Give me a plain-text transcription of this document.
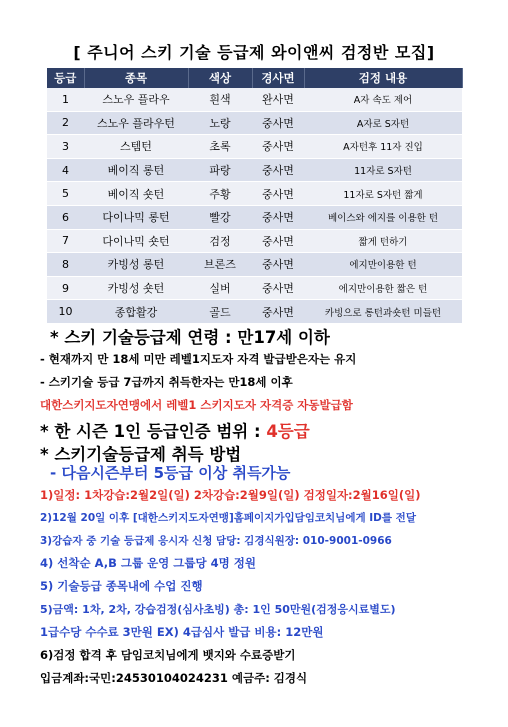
[ 주니어 스키 기술 등급제 와이앤씨 검정반 모집]
등급	종목	색상	경사면	검정 내용
1	스노우 플라우	흰색	완사면	A자 속도 제어
2	스노우 플라우턴	노랑	중사면	A자로 S자턴
3	스템턴	초록	중사면	A자턴후 11자 진입
4	베이직 롱턴	파랑	중사면	11자로 S자턴
5	베이직 숏턴	주황	중사면	11자로 S자턴 짧게
6	다이나믹 롱턴	빨강	중사면	베이스와 에지를 이용한 턴
7	다이나믹 숏턴	검정	중사면	짧게 턴하기
8	카빙성 롱턴	브론즈	중사면	에지만이용한 턴
9	카빙성 숏턴	실버	중사면	에지만이용한 짧은 턴
10	종합활강	골드	중사면	카빙으로 롱턴과숏턴 미들턴
* 스키 기술등급제 연령 : 만17세 이하
- 현재까지 만 18세 미만 레벨1지도자 자격 발급받은자는 유지
- 스키기술 등급 7급까지 취득한자는 만18세 이후
대한스키지도자연맹에서 레벨1 스키지도자 자격증 자동발급함
* 한 시즌 1인 등급인증 범위 : 4등급
* 스키기술등급제 취득 방법
- 다음시즌부터 5등급 이상 취득가능
1)일정: 1차강습:2월2일(일) 2차강습:2월9일(일) 검정일자:2월16일(일)
2)12월 20일 이후 [대한스키지도자연맹]홈페이지가입담임코치님에게 ID를 전달
3)강습자 중 기술 등급제 응시자 신청 담당: 김경식원장: 010-9001-0966
4) 선착순 A,B 그룹 운영 그룹당 4명 정원
5) 기술등급 종목내에 수업 진행
5)금액: 1차, 2차, 강습검정(심사초빙) 총: 1인 50만원(검정응시료별도)
1급수당 수수료 3만원 EX) 4급심사 발급 비용: 12만원
6)검정 합격 후 담임코치님에게 뱃지와 수료증받기
입금계좌:국민:24530104024231 예금주: 김경식
